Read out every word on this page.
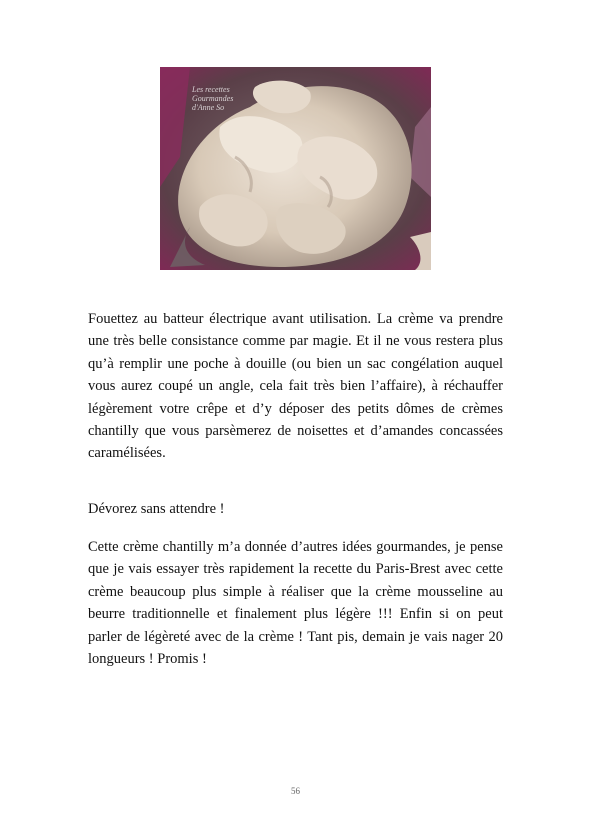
Les recettes
Gourmandes
d'Anne So

Fouettez au batteur électrique avant utilisation. La crème va prendre une très belle consistance comme par magie. Et il ne vous restera plus qu’à remplir une poche à douille (ou bien un sac congélation auquel vous aurez coupé un angle, cela fait très bien l’affaire), à réchauffer légèrement votre crêpe et d’y déposer des petits dômes de crèmes chantilly que vous parsèmerez de noisettes et d’amandes concassées caramélisées.

Dévorez sans attendre !

Cette crème chantilly m’a donnée d’autres idées gourmandes, je pense que je vais essayer très rapidement la recette du Paris-Brest avec cette crème beaucoup plus simple à réaliser que la crème mousseline au beurre traditionnelle et finalement plus légère !!! Enfin si on peut parler de légèreté avec de la crème ! Tant pis, demain je vais nager 20 longueurs ! Promis !

56
